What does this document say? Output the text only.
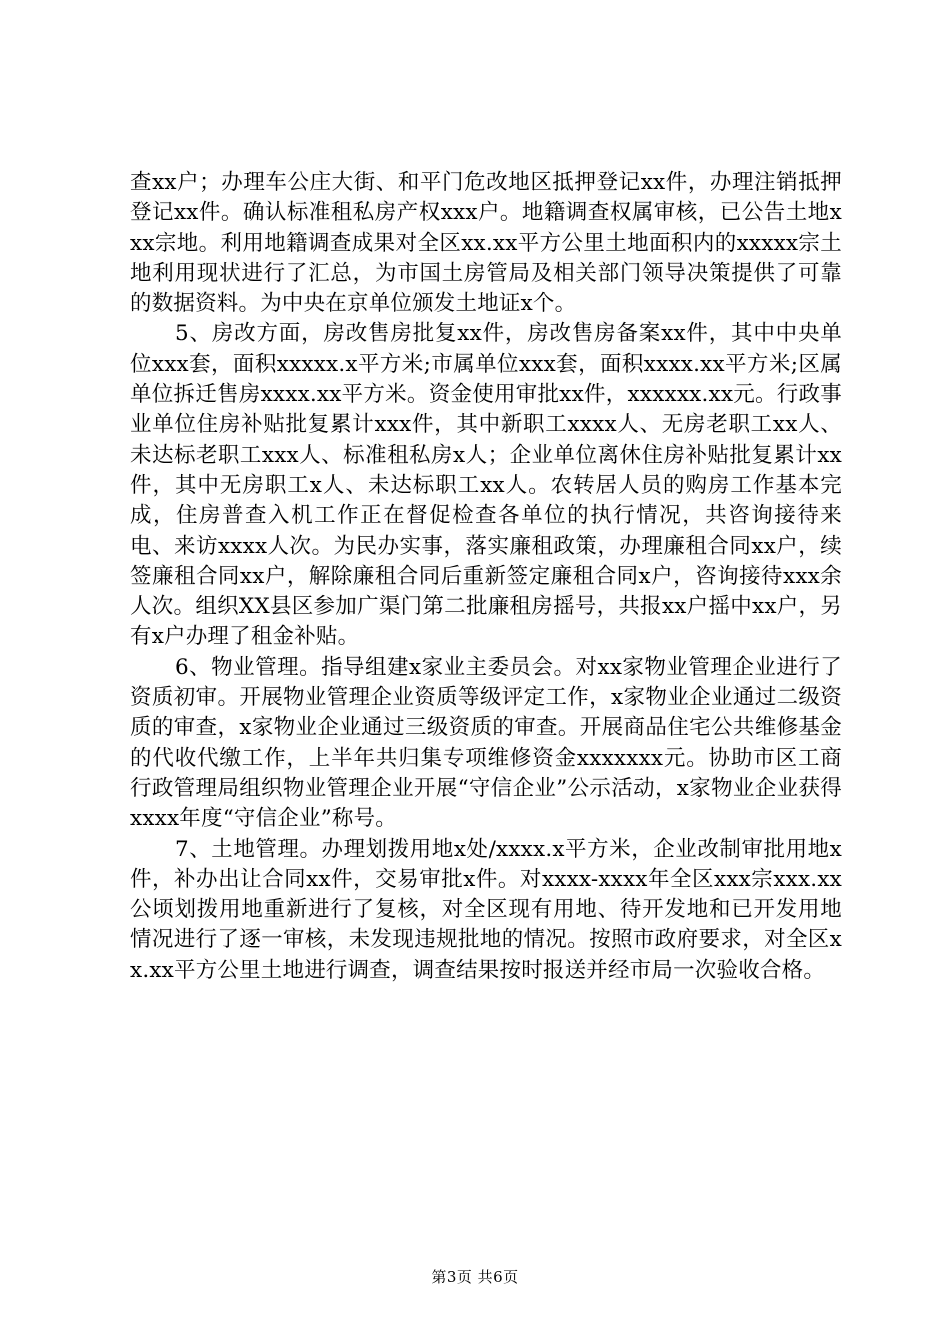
查xx户；办理车公庄大街、和平门危改地区抵押登记xx件，办理注销抵押登记xx件。确认标准租私房产权xxx户。地籍调查权属审核，已公告土地xxx宗地。利用地籍调查成果对全区xx.xx平方公里土地面积内的xxxxx宗土地利用现状进行了汇总，为市国土房管局及相关部门领导决策提供了可靠的数据资料。为中央在京单位颁发土地证x个。

5、房改方面，房改售房批复xx件，房改售房备案xx件，其中中央单位xxx套，面积xxxxx.x平方米;市属单位xxx套，面积xxxx.xx平方米;区属单位拆迁售房xxxx.xx平方米。资金使用审批xx件，xxxxxx.xx元。行政事业单位住房补贴批复累计xxx件，其中新职工xxxx人、无房老职工xx人、未达标老职工xxx人、标准租私房x人；企业单位离休住房补贴批复累计xx件，其中无房职工x人、未达标职工xx人。农转居人员的购房工作基本完成，住房普查入机工作正在督促检查各单位的执行情况，共咨询接待来电、来访xxxx人次。为民办实事，落实廉租政策，办理廉租合同xx户，续签廉租合同xx户，解除廉租合同后重新签定廉租合同x户，咨询接待xxx余人次。组织XX县区参加广渠门第二批廉租房摇号，共报xx户摇中xx户，另有x户办理了租金补贴。

6、物业管理。指导组建x家业主委员会。对xx家物业管理企业进行了资质初审。开展物业管理企业资质等级评定工作，x家物业企业通过二级资质的审查，x家物业企业通过三级资质的审查。开展商品住宅公共维修基金的代收代缴工作，上半年共归集专项维修资金xxxxxxx元。协助市区工商行政管理局组织物业管理企业开展“守信企业”公示活动，x家物业企业获得xxxx年度“守信企业”称号。

7、土地管理。办理划拨用地x处/xxxx.x平方米，企业改制审批用地x件，补办出让合同xx件，交易审批x件。对xxxx-xxxx年全区xxx宗xxx.xx公顷划拨用地重新进行了复核，对全区现有用地、待开发地和已开发用地情况进行了逐一审核，未发现违规批地的情况。按照市政府要求，对全区xx.xx平方公里土地进行调查，调查结果按时报送并经市局一次验收合格。

第3页 共6页
